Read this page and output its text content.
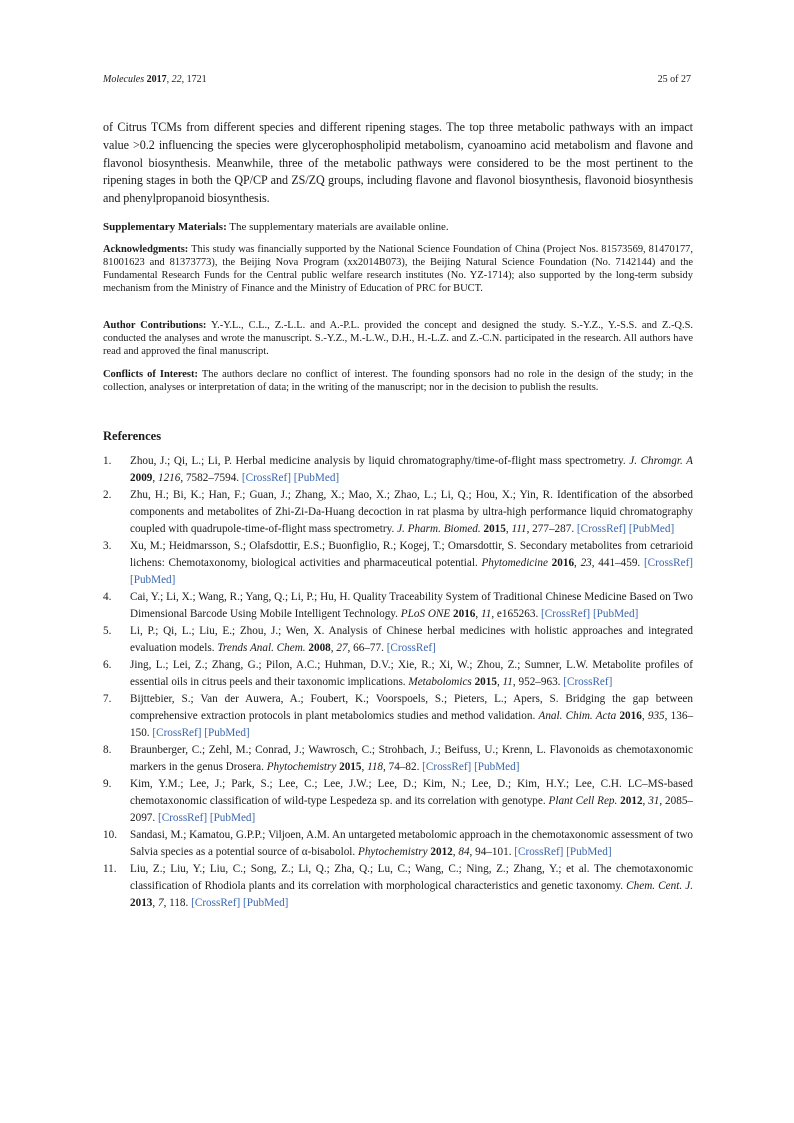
Molecules 2017, 22, 1721	25 of 27

of Citrus TCMs from different species and different ripening stages. The top three metabolic pathways with an impact value >0.2 influencing the species were glycerophospholipid metabolism, cyanoamino acid metabolism and flavone and flavonol biosynthesis. Meanwhile, three of the metabolic pathways were considered to be the most pertinent to the ripening stages in both the QP/CP and ZS/ZQ groups, including flavone and flavonol biosynthesis, flavonoid biosynthesis and phenylpropanoid biosynthesis.

Supplementary Materials: The supplementary materials are available online.
Acknowledgments: This study was financially supported by the National Science Foundation of China (Project Nos. 81573569, 81470177, 81001623 and 81373773), the Beijing Nova Program (xx2014B073), the Beijing Natural Science Foundation (No. 7142144) and the Fundamental Research Funds for the Central public welfare research institutes (No. YZ-1714); also supported by the long-term subsidy mechanism from the Ministry of Finance and the Ministry of Education of PRC for BUCT.
Author Contributions: Y.-Y.L., C.L., Z.-L.L. and A.-P.L. provided the concept and designed the study. S.-Y.Z., Y.-S.S. and Z.-Q.S. conducted the analyses and wrote the manuscript. S.-Y.Z., M.-L.W., D.H., H.-L.Z. and Z.-C.N. participated in the research. All authors have read and approved the final manuscript.
Conflicts of Interest: The authors declare no conflict of interest. The founding sponsors had no role in the design of the study; in the collection, analyses or interpretation of data; in the writing of the manuscript; nor in the decision to publish the results.
References
1. Zhou, J.; Qi, L.; Li, P. Herbal medicine analysis by liquid chromatography/time-of-flight mass spectrometry. J. Chromgr. A 2009, 1216, 7582–7594. [CrossRef] [PubMed]
2. Zhu, H.; Bi, K.; Han, F.; Guan, J.; Zhang, X.; Mao, X.; Zhao, L.; Li, Q.; Hou, X.; Yin, R. Identification of the absorbed components and metabolites of Zhi-Zi-Da-Huang decoction in rat plasma by ultra-high performance liquid chromatography coupled with quadrupole-time-of-flight mass spectrometry. J. Pharm. Biomed. 2015, 111, 277–287. [CrossRef] [PubMed]
3. Xu, M.; Heidmarsson, S.; Olafsdottir, E.S.; Buonfiglio, R.; Kogej, T.; Omarsdottir, S. Secondary metabolites from cetrarioid lichens: Chemotaxonomy, biological activities and pharmaceutical potential. Phytomedicine 2016, 23, 441–459. [CrossRef] [PubMed]
4. Cai, Y.; Li, X.; Wang, R.; Yang, Q.; Li, P.; Hu, H. Quality Traceability System of Traditional Chinese Medicine Based on Two Dimensional Barcode Using Mobile Intelligent Technology. PLoS ONE 2016, 11, e165263. [CrossRef] [PubMed]
5. Li, P.; Qi, L.; Liu, E.; Zhou, J.; Wen, X. Analysis of Chinese herbal medicines with holistic approaches and integrated evaluation models. Trends Anal. Chem. 2008, 27, 66–77. [CrossRef]
6. Jing, L.; Lei, Z.; Zhang, G.; Pilon, A.C.; Huhman, D.V.; Xie, R.; Xi, W.; Zhou, Z.; Sumner, L.W. Metabolite profiles of essential oils in citrus peels and their taxonomic implications. Metabolomics 2015, 11, 952–963. [CrossRef]
7. Bijttebier, S.; Van der Auwera, A.; Foubert, K.; Voorspoels, S.; Pieters, L.; Apers, S. Bridging the gap between comprehensive extraction protocols in plant metabolomics studies and method validation. Anal. Chim. Acta 2016, 935, 136–150. [CrossRef] [PubMed]
8. Braunberger, C.; Zehl, M.; Conrad, J.; Wawrosch, C.; Strohbach, J.; Beifuss, U.; Krenn, L. Flavonoids as chemotaxonomic markers in the genus Drosera. Phytochemistry 2015, 118, 74–82. [CrossRef] [PubMed]
9. Kim, Y.M.; Lee, J.; Park, S.; Lee, C.; Lee, J.W.; Lee, D.; Kim, N.; Lee, D.; Kim, H.Y.; Lee, C.H. LC–MS-based chemotaxonomic classification of wild-type Lespedeza sp. and its correlation with genotype. Plant Cell Rep. 2012, 31, 2085–2097. [CrossRef] [PubMed]
10. Sandasi, M.; Kamatou, G.P.P.; Viljoen, A.M. An untargeted metabolomic approach in the chemotaxonomic assessment of two Salvia species as a potential source of α-bisabolol. Phytochemistry 2012, 84, 94–101. [CrossRef] [PubMed]
11. Liu, Z.; Liu, Y.; Liu, C.; Song, Z.; Li, Q.; Zha, Q.; Lu, C.; Wang, C.; Ning, Z.; Zhang, Y.; et al. The chemotaxonomic classification of Rhodiola plants and its correlation with morphological characteristics and genetic taxonomy. Chem. Cent. J. 2013, 7, 118. [CrossRef] [PubMed]
